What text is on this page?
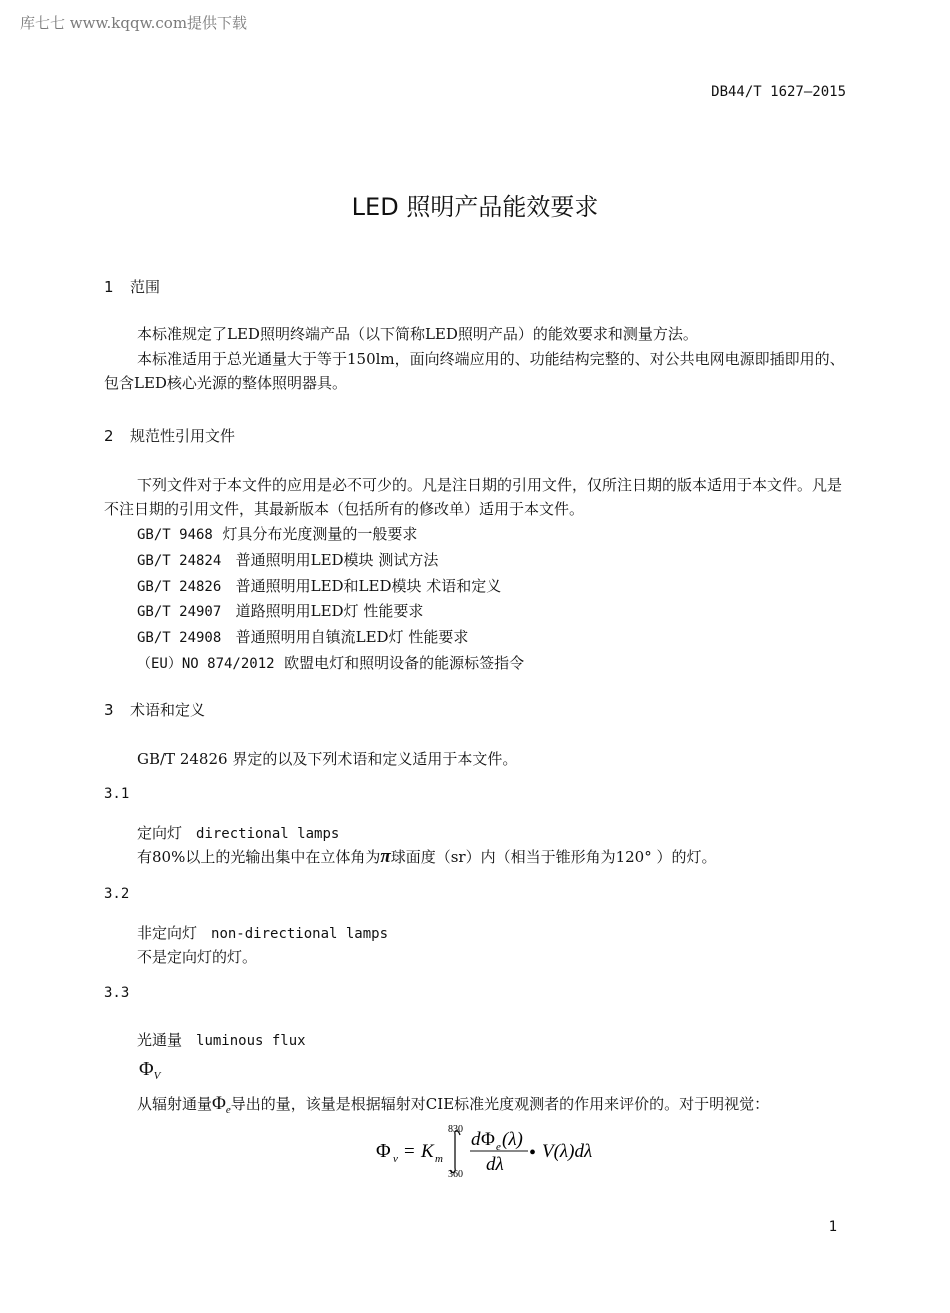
库七七 www.kqqw.com提供下载
DB44/T 1627—2015
LED 照明产品能效要求
1 范围
本标准规定了LED照明终端产品（以下简称LED照明产品）的能效要求和测量方法。
本标准适用于总光通量大于等于150lm，面向终端应用的、功能结构完整的、对公共电网电源即插即用的、包含LED核心光源的整体照明器具。
2 规范性引用文件
下列文件对于本文件的应用是必不可少的。凡是注日期的引用文件，仅所注日期的版本适用于本文件。凡是不注日期的引用文件，其最新版本（包括所有的修改单）适用于本文件。
GB/T 9468 灯具分布光度测量的一般要求
GB/T 24824 普通照明用LED模块 测试方法
GB/T 24826 普通照明用LED和LED模块 术语和定义
GB/T 24907 道路照明用LED灯 性能要求
GB/T 24908 普通照明用自镇流LED灯 性能要求
（EU）NO 874/2012 欧盟电灯和照明设备的能源标签指令
3 术语和定义
GB/T 24826 界定的以及下列术语和定义适用于本文件。
3.1
定向灯 directional lamps
有80%以上的光输出集中在立体角为π球面度（sr）内（相当于锥形角为120° ）的灯。
3.2
非定向灯 non-directional lamps
不是定向灯的灯。
3.3
光通量 luminous flux
$\Phi_V$
从辐射通量$\Phi_e$导出的量，该量是根据辐射对CIE标准光度观测者的作用来评价的。对于明视觉：
Φ v = K m
830
360
d Φ e (λ)
dλ
• V(λ)dλ
1
